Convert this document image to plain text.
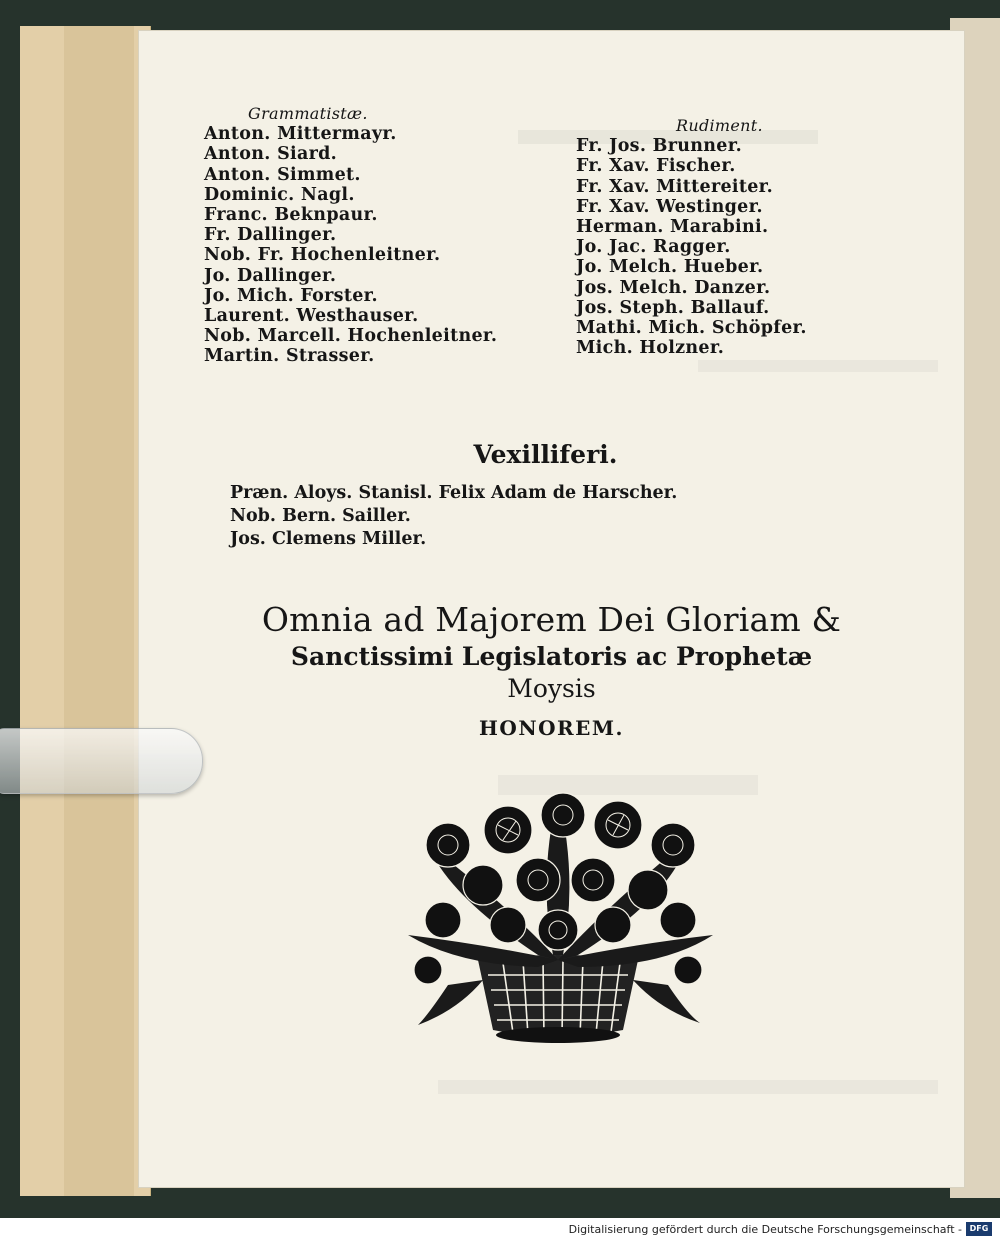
Grammatistæ.
Anton. Mittermayr.
Anton. Siard.
Anton. Simmet.
Dominic. Nagl.
Franc. Beknpaur.
Fr. Dallinger.
Nob. Fr. Hochenleitner.
Jo. Dallinger.
Jo. Mich. Forster.
Laurent. Westhauser.
Nob. Marcell. Hochenleitner.
Martin. Strasser.
Rudiment.
Fr. Jos. Brunner.
Fr. Xav. Fischer.
Fr. Xav. Mittereiter.
Fr. Xav. Westinger.
Herman. Marabini.
Jo. Jac. Ragger.
Jo. Melch. Hueber.
Jos. Melch. Danzer.
Jos. Steph. Ballauf.
Mathi. Mich. Schöpfer.
Mich. Holzner.
Vexilliferi.
Præn. Aloys. Stanisl. Felix Adam de Harscher.
Nob. Bern. Sailler.
Jos. Clemens Miller.
Omnia ad Majorem Dei Gloriam &
Sanctissimi Legislatoris ac Prophetæ
Moysis
HONOREM.
Digitalisierung gefördert durch die Deutsche Forschungsgemeinschaft - DFG
